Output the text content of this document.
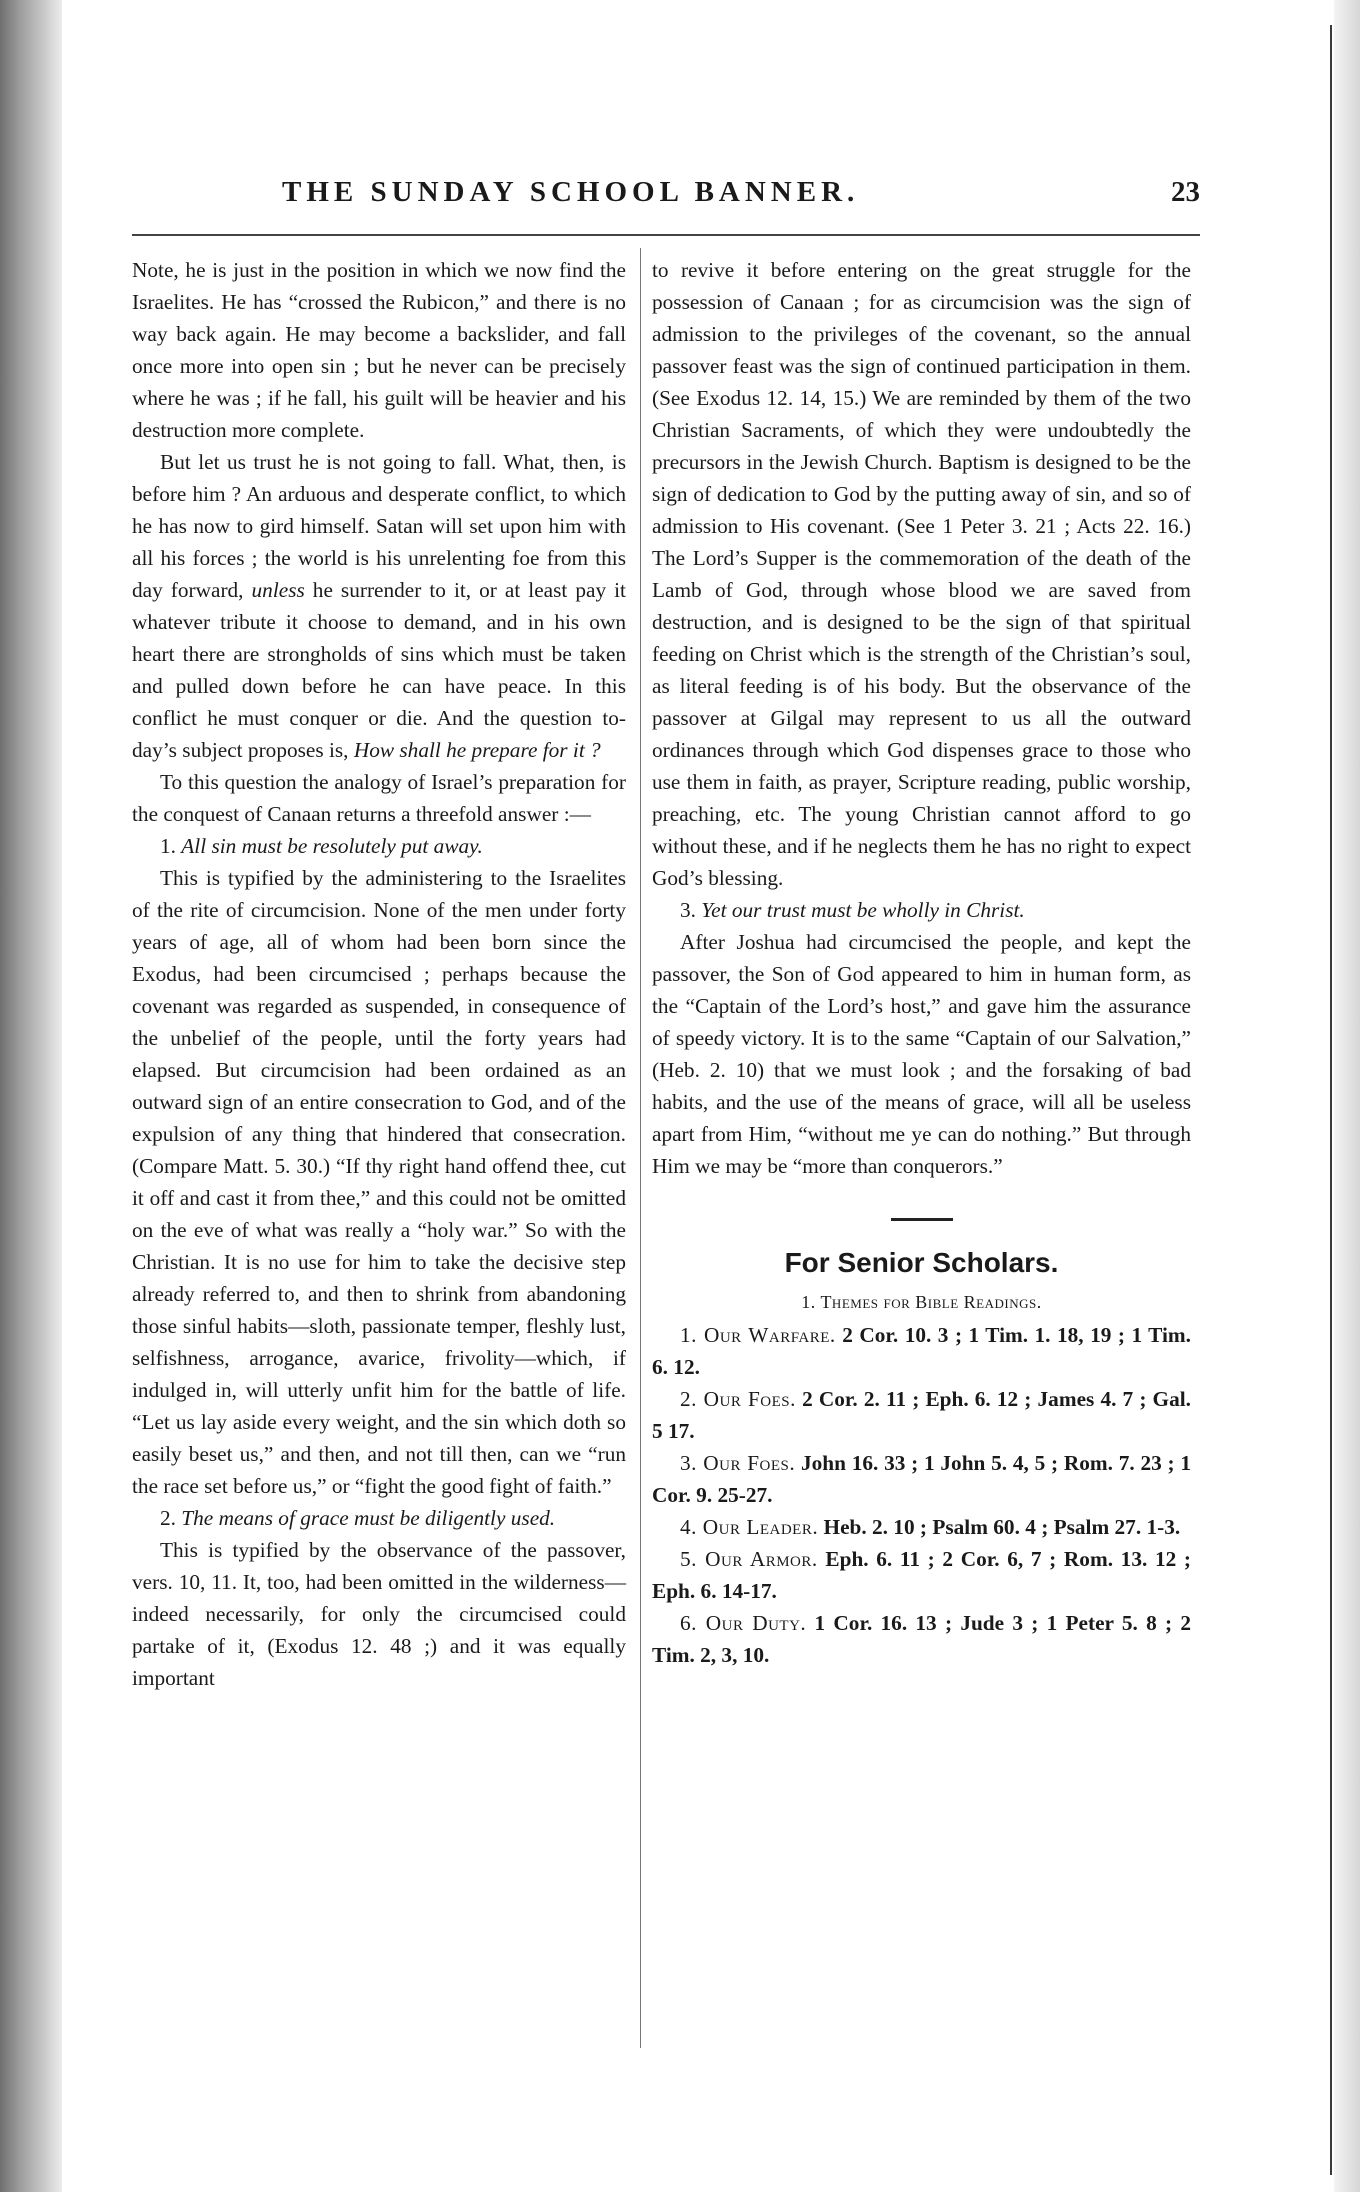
THE SUNDAY SCHOOL BANNER.	23

Note, he is just in the position in which we now find the Israelites. He has “crossed the Rubicon,” and there is no way back again. He may become a backslider, and fall once more into open sin ; but he never can be precisely where he was ; if he fall, his guilt will be heavier and his destruction more complete.

But let us trust he is not going to fall. What, then, is before him ? An arduous and desperate conflict, to which he has now to gird himself. Satan will set upon him with all his forces ; the world is his unrelenting foe from this day forward, unless he surrender to it, or at least pay it whatever tribute it choose to demand, and in his own heart there are strongholds of sins which must be taken and pulled down before he can have peace. In this conflict he must conquer or die. And the question to-day’s subject proposes is, How shall he prepare for it ?

To this question the analogy of Israel’s preparation for the conquest of Canaan returns a threefold answer :—

1. All sin must be resolutely put away.

This is typified by the administering to the Israelites of the rite of circumcision. None of the men under forty years of age, all of whom had been born since the Exodus, had been circumcised ; perhaps because the covenant was regarded as suspended, in consequence of the unbelief of the people, until the forty years had elapsed. But circumcision had been ordained as an outward sign of an entire consecration to God, and of the expulsion of any thing that hindered that consecration. (Compare Matt. 5. 30.) “If thy right hand offend thee, cut it off and cast it from thee,” and this could not be omitted on the eve of what was really a “holy war.” So with the Christian. It is no use for him to take the decisive step already referred to, and then to shrink from abandoning those sinful habits—sloth, passionate temper, fleshly lust, selfishness, arrogance, avarice, frivolity—which, if indulged in, will utterly unfit him for the battle of life. “Let us lay aside every weight, and the sin which doth so easily beset us,” and then, and not till then, can we “run the race set before us,” or “fight the good fight of faith.”

2. The means of grace must be diligently used.

This is typified by the observance of the passover, vers. 10, 11. It, too, had been omitted in the wilderness—indeed necessarily, for only the circumcised could partake of it, (Exodus 12. 48 ;) and it was equally important

to revive it before entering on the great struggle for the possession of Canaan ; for as circumcision was the sign of admission to the privileges of the covenant, so the annual passover feast was the sign of continued participation in them. (See Exodus 12. 14, 15.) We are reminded by them of the two Christian Sacraments, of which they were undoubtedly the precursors in the Jewish Church. Baptism is designed to be the sign of dedication to God by the putting away of sin, and so of admission to His covenant. (See 1 Peter 3. 21 ; Acts 22. 16.) The Lord’s Supper is the commemoration of the death of the Lamb of God, through whose blood we are saved from destruction, and is designed to be the sign of that spiritual feeding on Christ which is the strength of the Christian’s soul, as literal feeding is of his body. But the observance of the passover at Gilgal may represent to us all the outward ordinances through which God dispenses grace to those who use them in faith, as prayer, Scripture reading, public worship, preaching, etc. The young Christian cannot afford to go without these, and if he neglects them he has no right to expect God’s blessing.

3. Yet our trust must be wholly in Christ.

After Joshua had circumcised the people, and kept the passover, the Son of God appeared to him in human form, as the “Captain of the Lord’s host,” and gave him the assurance of speedy victory. It is to the same “Captain of our Salvation,” (Heb. 2. 10) that we must look ; and the forsaking of bad habits, and the use of the means of grace, will all be useless apart from Him, “without me ye can do nothing.” But through Him we may be “more than conquerors.”

For Senior Scholars.
1. Themes for Bible Readings.

1. Our Warfare. 2 Cor. 10. 3 ; 1 Tim. 1. 18, 19 ; 1 Tim. 6. 12.

2. Our Foes. 2 Cor. 2. 11 ; Eph. 6. 12 ; James 4. 7 ; Gal. 5 17.

3. Our Foes. John 16. 33 ; 1 John 5. 4, 5 ; Rom. 7. 23 ; 1 Cor. 9. 25-27.

4. Our Leader. Heb. 2. 10 ; Psalm 60. 4 ; Psalm 27. 1-3.

5. Our Armor. Eph. 6. 11 ; 2 Cor. 6, 7 ; Rom. 13. 12 ; Eph. 6. 14-17.

6. Our Duty. 1 Cor. 16. 13 ; Jude 3 ; 1 Peter 5. 8 ; 2 Tim. 2, 3, 10.
